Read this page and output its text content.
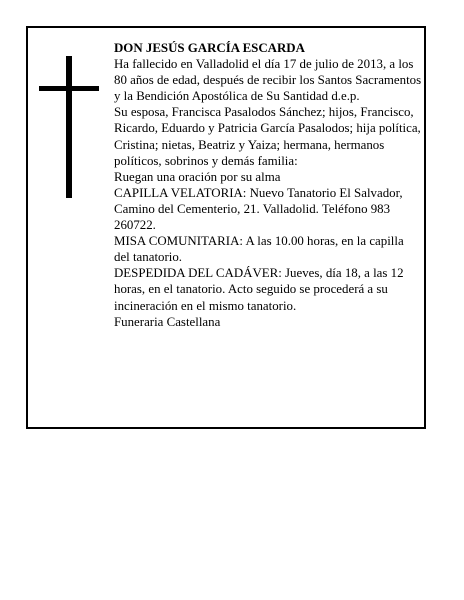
DON JESÚS GARCÍA ESCARDA

Ha fallecido en Valladolid el día 17 de julio de 2013, a los 80 años de edad, después de recibir los Santos Sacramentos y la Bendición Apostólica de Su Santidad d.e.p.

Su esposa, Francisca Pasalodos Sánchez; hijos, Francisco, Ricardo, Eduardo y Patricia García Pasalodos; hija política, Cristina; nietas, Beatriz y Yaiza; hermana, hermanos políticos, sobrinos y demás familia:

Ruegan una oración por su alma

CAPILLA VELATORIA: Nuevo Tanatorio El Salvador, Camino del Cementerio, 21. Valladolid. Teléfono 983 260722.

MISA COMUNITARIA: A las 10.00 horas, en la capilla del tanatorio.

DESPEDIDA DEL CADÁVER: Jueves, día 18, a las 12 horas, en el tanatorio. Acto seguido se procederá a su incineración en el mismo tanatorio.

Funeraria Castellana
